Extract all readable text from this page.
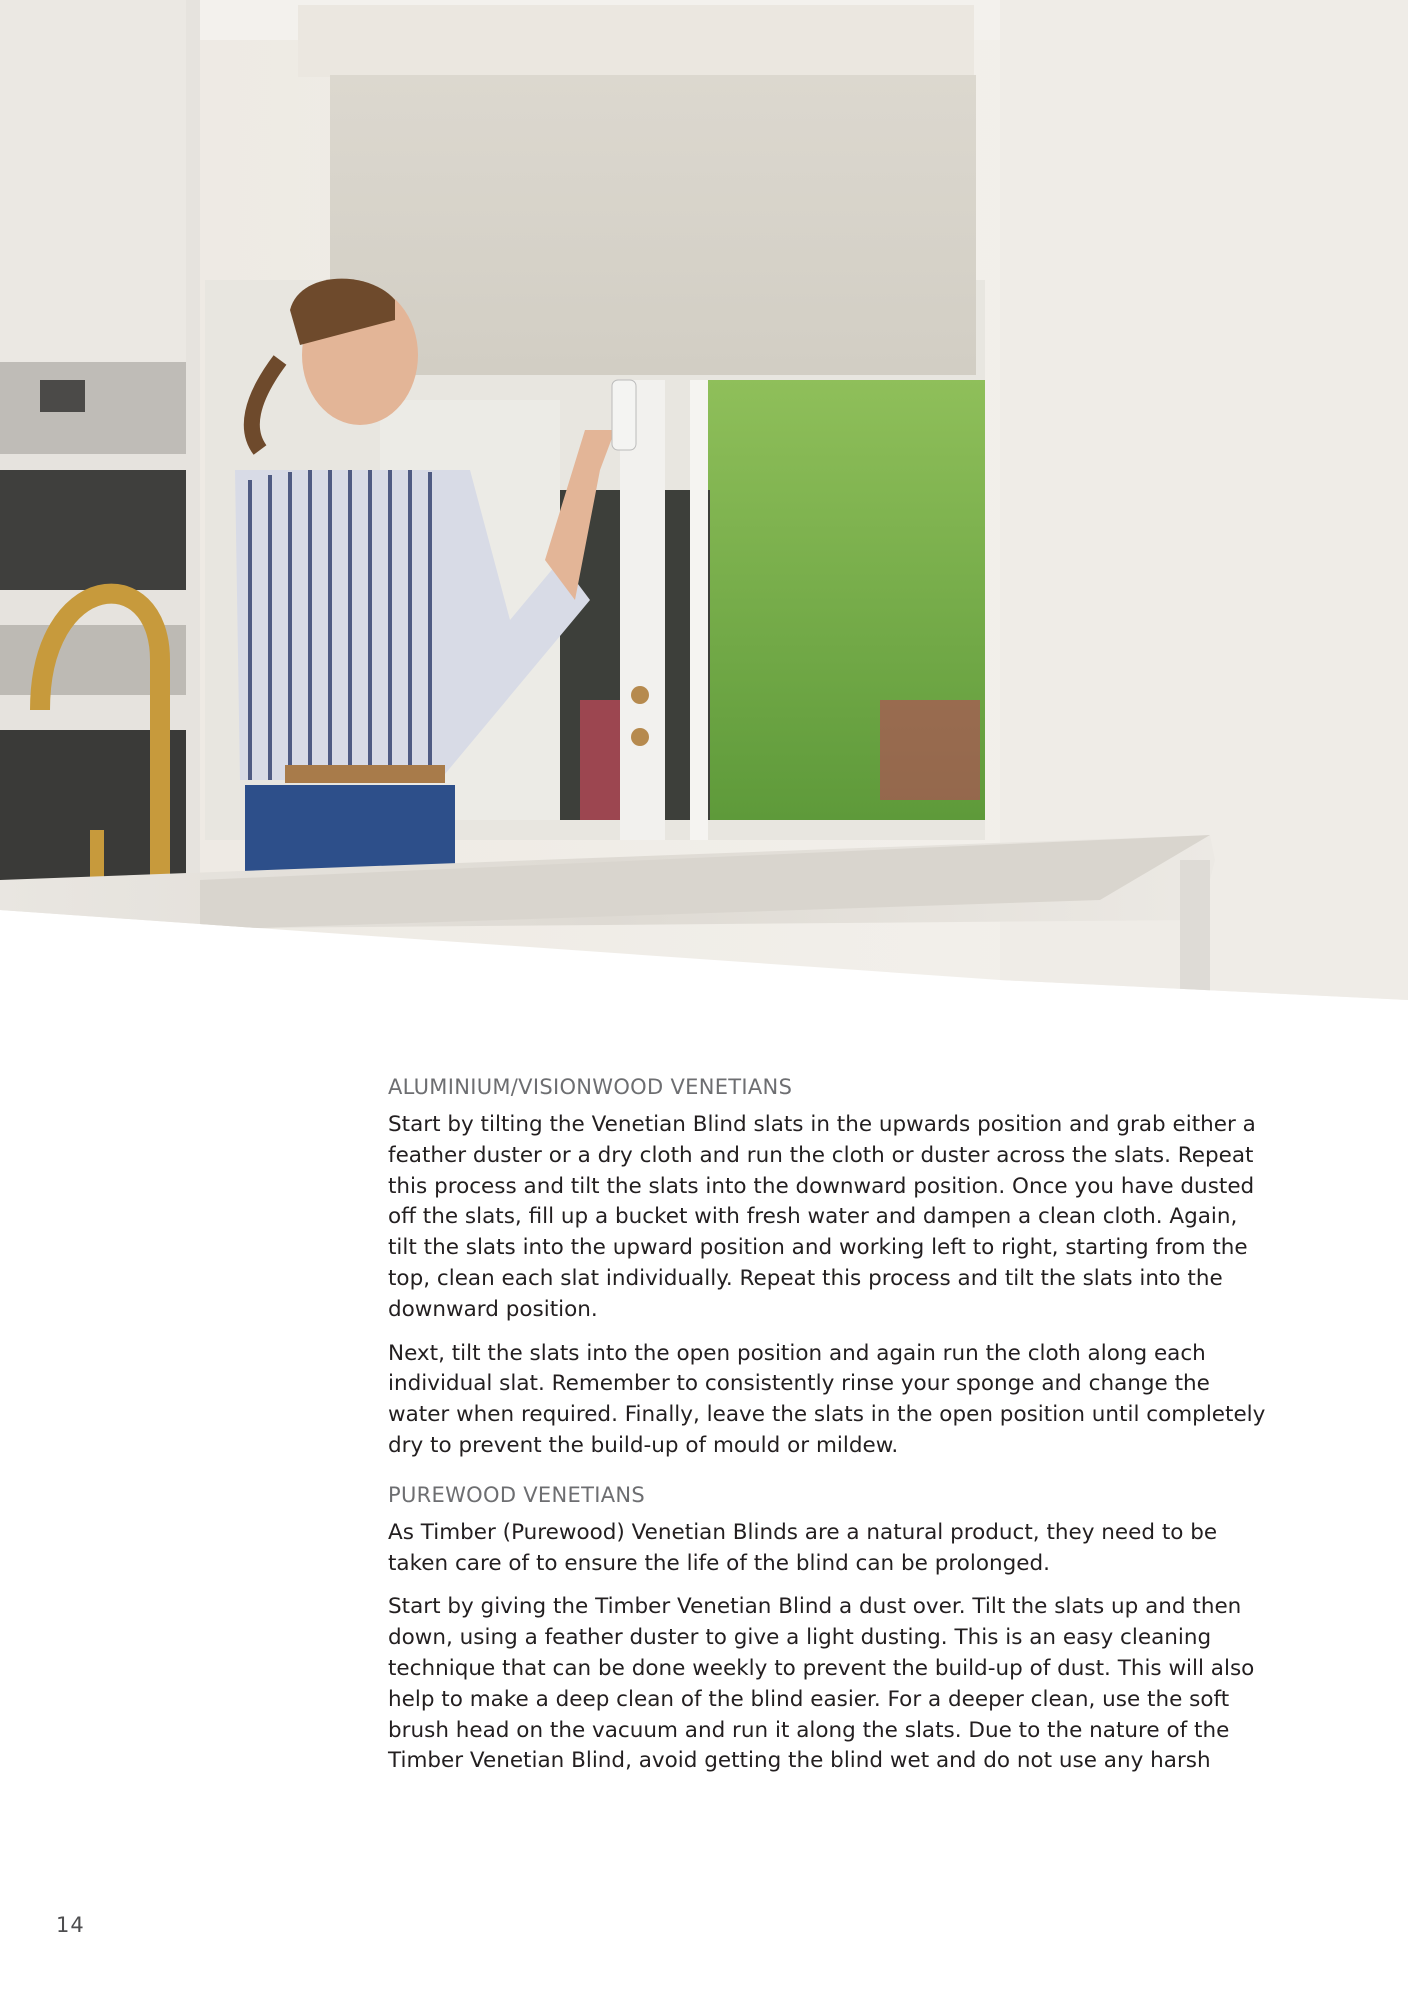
ALUMINIUM/VISIONWOOD VENETIANS

Start by tilting the Venetian Blind slats in the upwards position and grab either a feather duster or a dry cloth and run the cloth or duster across the slats. Repeat this process and tilt the slats into the downward position. Once you have dusted off the slats, fill up a bucket with fresh water and dampen a clean cloth. Again, tilt the slats into the upward position and working left to right, starting from the top, clean each slat individually. Repeat this process and tilt the slats into the downward position.

Next, tilt the slats into the open position and again run the cloth along each individual slat. Remember to consistently rinse your sponge and change the water when required. Finally, leave the slats in the open position until completely dry to prevent the build-up of mould or mildew.

PUREWOOD VENETIANS

As Timber (Purewood) Venetian Blinds are a natural product, they need to be taken care of to ensure the life of the blind can be prolonged.

Start by giving the Timber Venetian Blind a dust over. Tilt the slats up and then down, using a feather duster to give a light dusting. This is an easy cleaning technique that can be done weekly to prevent the build-up of dust. This will also help to make a deep clean of the blind easier. For a deeper clean, use the soft brush head on the vacuum and run it along the slats. Due to the nature of the Timber Venetian Blind, avoid getting the blind wet and do not use any harsh

14
